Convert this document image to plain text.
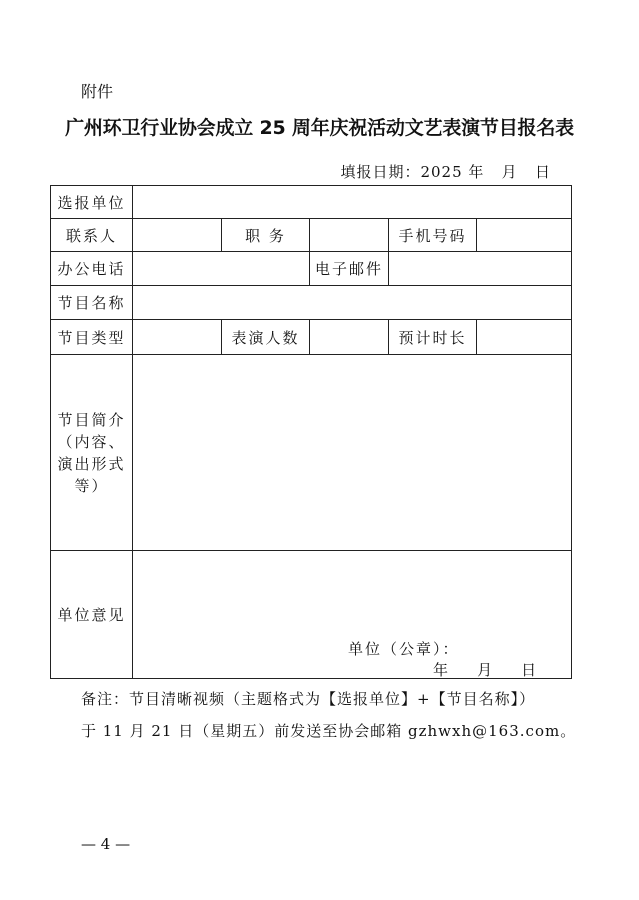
附件
广州环卫行业协会成立 25 周年庆祝活动文艺表演节目报名表
填报日期：2025 年   月   日
选报单位					
联系人		职 务		手机号码	
办公电话			电子邮件		
节目名称					
节目类型		表演人数		预计时长	

节目简介
（内容、
演出形式
等）					

单位意见	单位（公章）：
年    月    日				
备注：节目清晰视频（主题格式为【选报单位】+【节目名称】）
于 11 月 21 日（星期五）前发送至协会邮箱 gzhwxh@163.com。
— 4 —
